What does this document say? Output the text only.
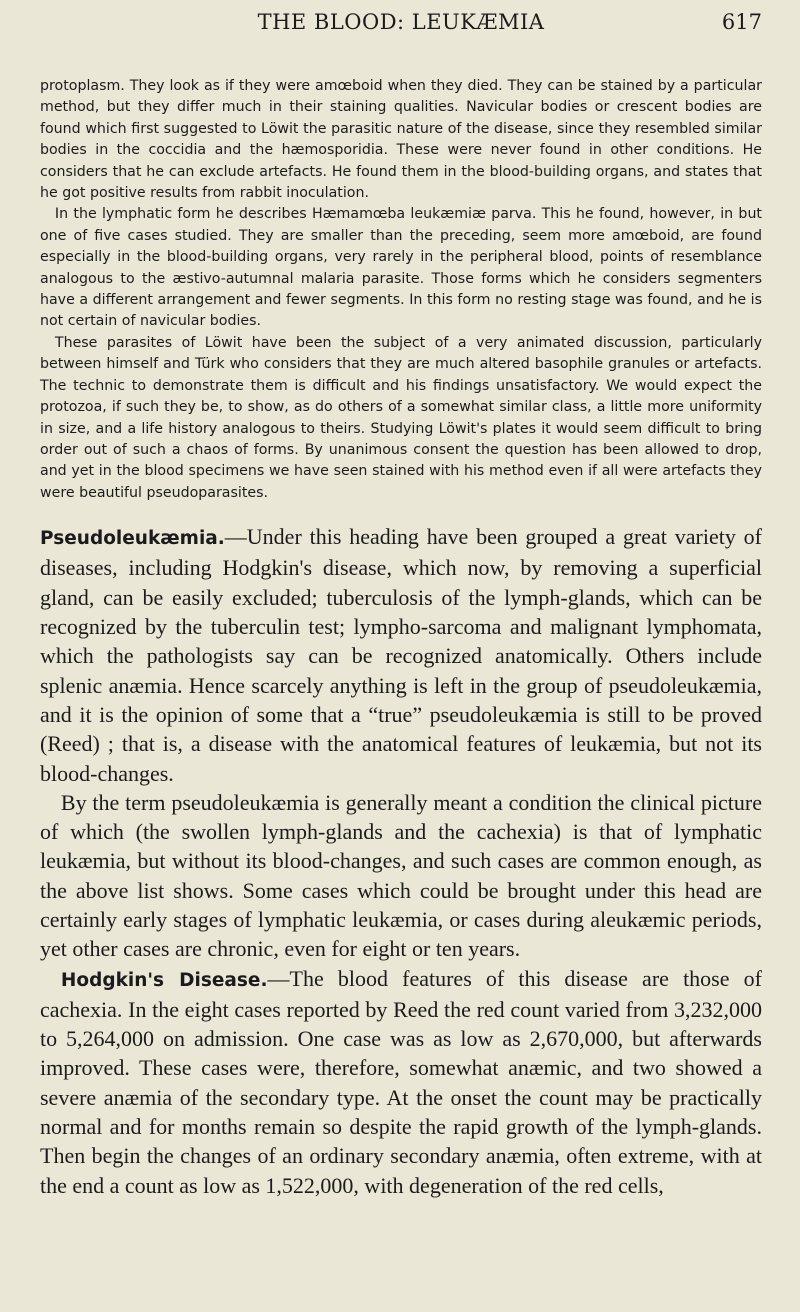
THE BLOOD: LEUKÆMIA	617

protoplasm. They look as if they were amœboid when they died. They can be stained by a particular method, but they differ much in their staining qualities. Navicular bodies or crescent bodies are found which first suggested to Löwit the parasitic nature of the disease, since they resembled similar bodies in the coccidia and the hæmosporidia. These were never found in other conditions. He considers that he can exclude artefacts. He found them in the blood-building organs, and states that he got positive results from rabbit inoculation.

In the lymphatic form he describes Hæmamœba leukæmiæ parva. This he found, however, in but one of five cases studied. They are smaller than the preceding, seem more amœboid, are found especially in the blood-building organs, very rarely in the peripheral blood, points of resemblance analogous to the æstivo-autumnal malaria parasite. Those forms which he considers segmenters have a different arrangement and fewer segments. In this form no resting stage was found, and he is not certain of navicular bodies.

These parasites of Löwit have been the subject of a very animated discussion, particularly between himself and Türk who considers that they are much altered basophile granules or artefacts. The technic to demonstrate them is difficult and his findings unsatisfactory. We would expect the protozoa, if such they be, to show, as do others of a somewhat similar class, a little more uniformity in size, and a life history analogous to theirs. Studying Löwit's plates it would seem difficult to bring order out of such a chaos of forms. By unanimous consent the question has been allowed to drop, and yet in the blood specimens we have seen stained with his method even if all were artefacts they were beautiful pseudoparasites.

Pseudoleukæmia.—Under this heading have been grouped a great variety of diseases, including Hodgkin's disease, which now, by removing a superficial gland, can be easily excluded; tuberculosis of the lymph-glands, which can be recognized by the tuberculin test; lympho-sarcoma and malignant lymphomata, which the pathologists say can be recognized anatomically. Others include splenic anæmia. Hence scarcely anything is left in the group of pseudoleukæmia, and it is the opinion of some that a “true” pseudoleukæmia is still to be proved (Reed) ; that is, a disease with the anatomical features of leukæmia, but not its blood-changes.

By the term pseudoleukæmia is generally meant a condition the clinical picture of which (the swollen lymph-glands and the cachexia) is that of lymphatic leukæmia, but without its blood-changes, and such cases are common enough, as the above list shows. Some cases which could be brought under this head are certainly early stages of lymphatic leukæmia, or cases during aleukæmic periods, yet other cases are chronic, even for eight or ten years.

Hodgkin's Disease.—The blood features of this disease are those of cachexia. In the eight cases reported by Reed the red count varied from 3,232,000 to 5,264,000 on admission. One case was as low as 2,670,000, but afterwards improved. These cases were, therefore, somewhat anæmic, and two showed a severe anæmia of the secondary type. At the onset the count may be practically normal and for months remain so despite the rapid growth of the lymph-glands. Then begin the changes of an ordinary secondary anæmia, often extreme, with at the end a count as low as 1,522,000, with degeneration of the red cells,
